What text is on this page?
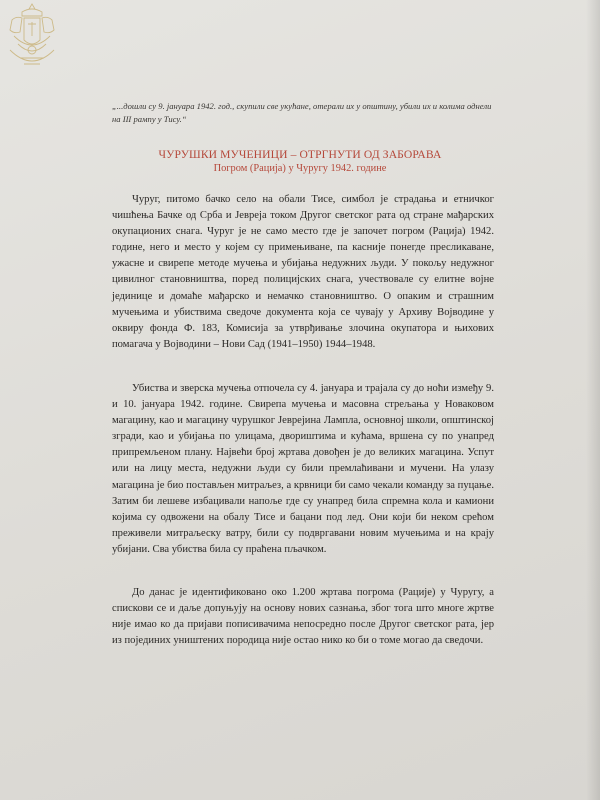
„...дошли су 9. јануара 1942. год., скупили све укућане, отерали их у општину, убили их и колима однели на III рампу у Тису.“
ЧУРУШКИ МУЧЕНИЦИ – ОТРГНУТИ ОД ЗАБОРАВА
Погром (Рација) у Чуругу 1942. године

Чуруг, питомо бачко село на обали Тисе, симбол је страдања и етничког чишћења Бачке од Срба и Јевреја током Другог светског рата од стране мађарских окупационих снага. Чуруг је не само место где је започет погром (Рација) 1942. године, него и место у којем су примењиване, па касније понегде пресликаване, ужасне и свирепе методе мучења и убијања недужних људи. У покољу недужног цивилног становништва, поред полицијских снага, учествовале су елитне војне јединице и домаће мађарско и немачко становништво. О опаким и страшним мучењима и убиствима сведоче документа која се чувају у Архиву Војводине у оквиру фонда Ф. 183, Комисија за утврђивање злочина окупатора и њихових помагача у Војводини – Нови Сад (1941–1950) 1944–1948.

Убиства и зверска мучења отпочела су 4. јануара и трајала су до ноћи између 9. и 10. јануара 1942. године. Свирепа мучења и масовна стрељања у Новаковом магацину, као и магацину чурушког Јеврејина Лампла, основној школи, општинској згради, као и убијања по улицама, двориштима и кућама, вршена су по унапред припремљеном плану. Највећи број жртава довођен је до великих магацина. Успут или на лицу места, недужни људи су били премлаћивани и мучени. На улазу магацина је био постављен митраљез, а крвници би само чекали команду за пуцање. Затим би лешеве избацивали напоље где су унапред била спремна кола и камиони којима су одвожени на обалу Тисе и бацани под лед. Они који би неком срећом преживели митраљеску ватру, били су подвргавани новим мучењима и на крају убијани. Сва убиства била су праћена пљачком.

До данас је идентификовано око 1.200 жртава погрома (Рације) у Чуругу, а спискови се и даље допуњују на основу нових сазнања, због тога што многе жртве није имао ко да пријави пописивачима непосредно после Другог светског рата, јер из појединих уништених породица није остао нико ко би о томе могао да сведочи.
